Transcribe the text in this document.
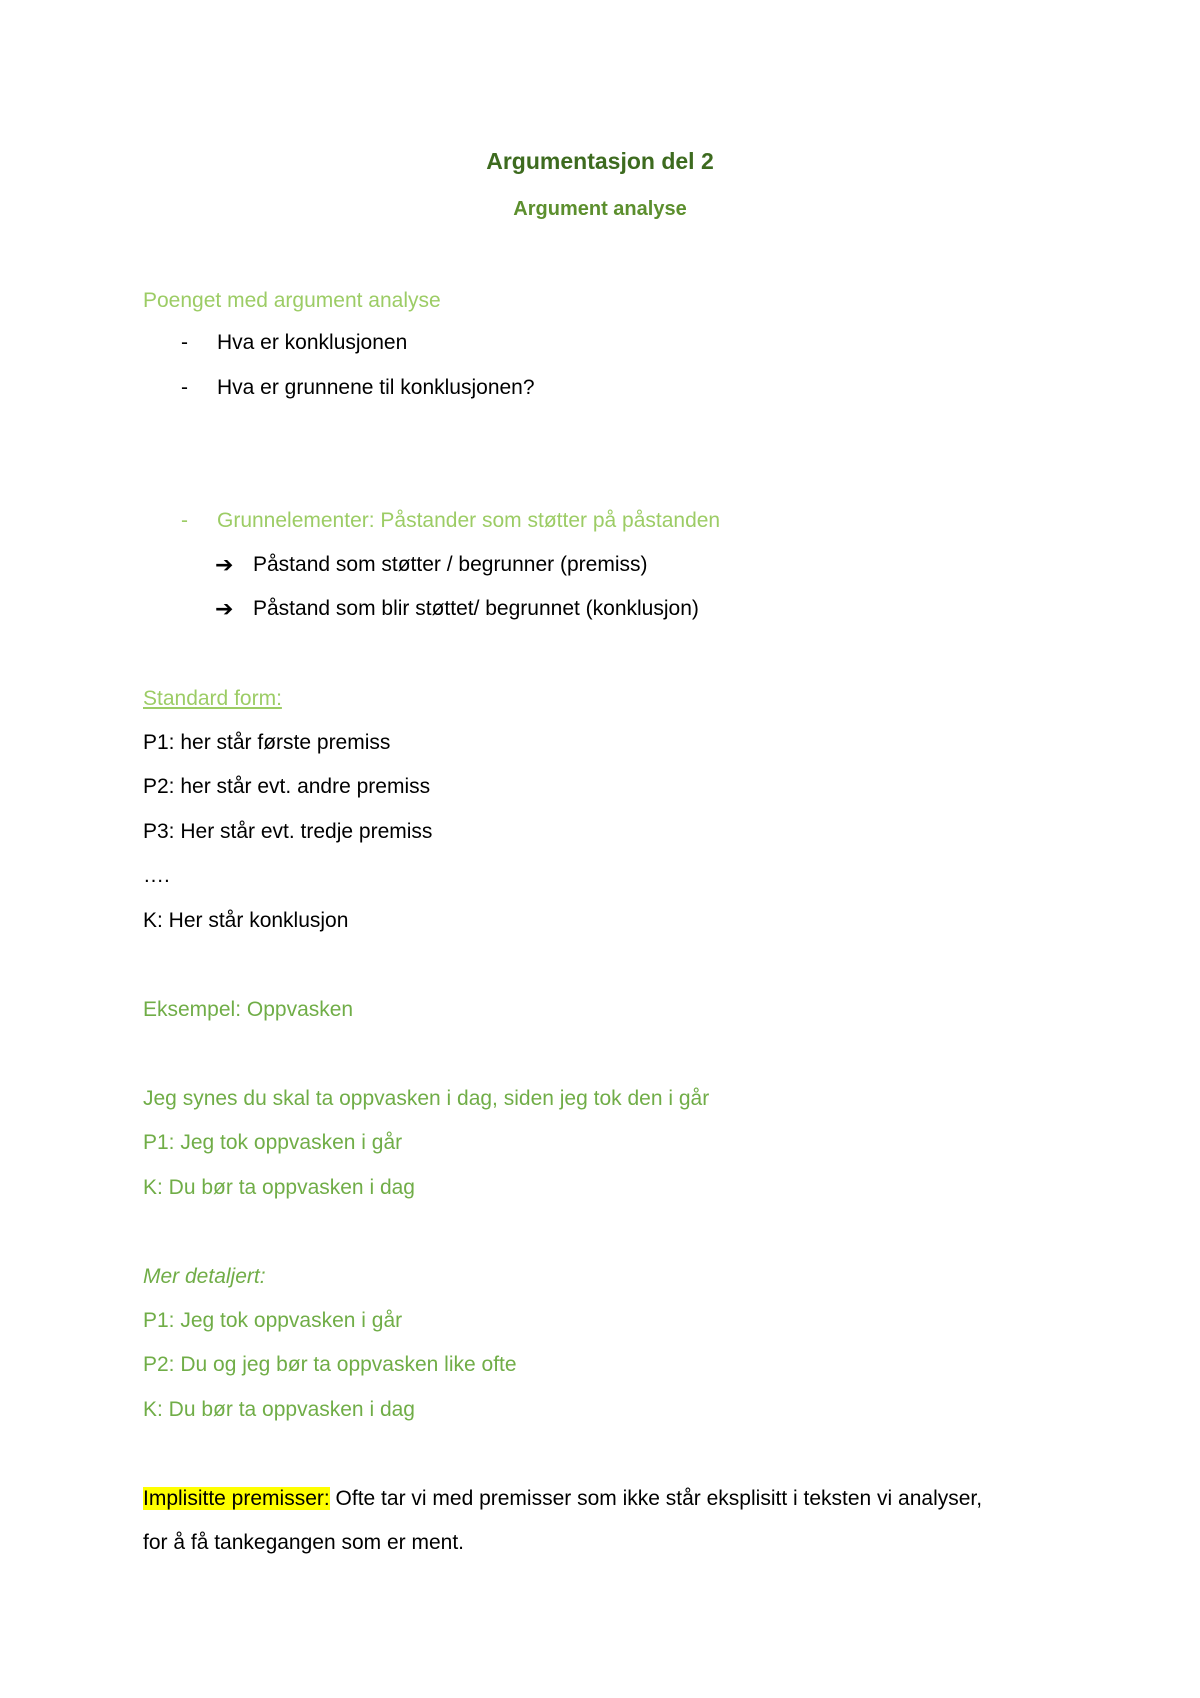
Argumentasjon del 2
Argument analyse
Poenget med argument analyse
- Hva er konklusjonen
- Hva er grunnene til konklusjonen?
- Grunnelementer: Påstander som støtter på påstanden
➔ Påstand som støtter / begrunner (premiss)
➔ Påstand som blir støttet/ begrunnet (konklusjon)
Standard form:
P1: her står første premiss
P2: her står evt. andre premiss
P3: Her står evt. tredje premiss
….
K: Her står konklusjon
Eksempel: Oppvasken
Jeg synes du skal ta oppvasken i dag, siden jeg tok den i går
P1: Jeg tok oppvasken i går
K: Du bør ta oppvasken i dag
Mer detaljert:
P1: Jeg tok oppvasken i går
P2: Du og jeg bør ta oppvasken like ofte
K: Du bør ta oppvasken i dag
Implisitte premisser: Ofte tar vi med premisser som ikke står eksplisitt i teksten vi analyser,
for å få tankegangen som er ment.
